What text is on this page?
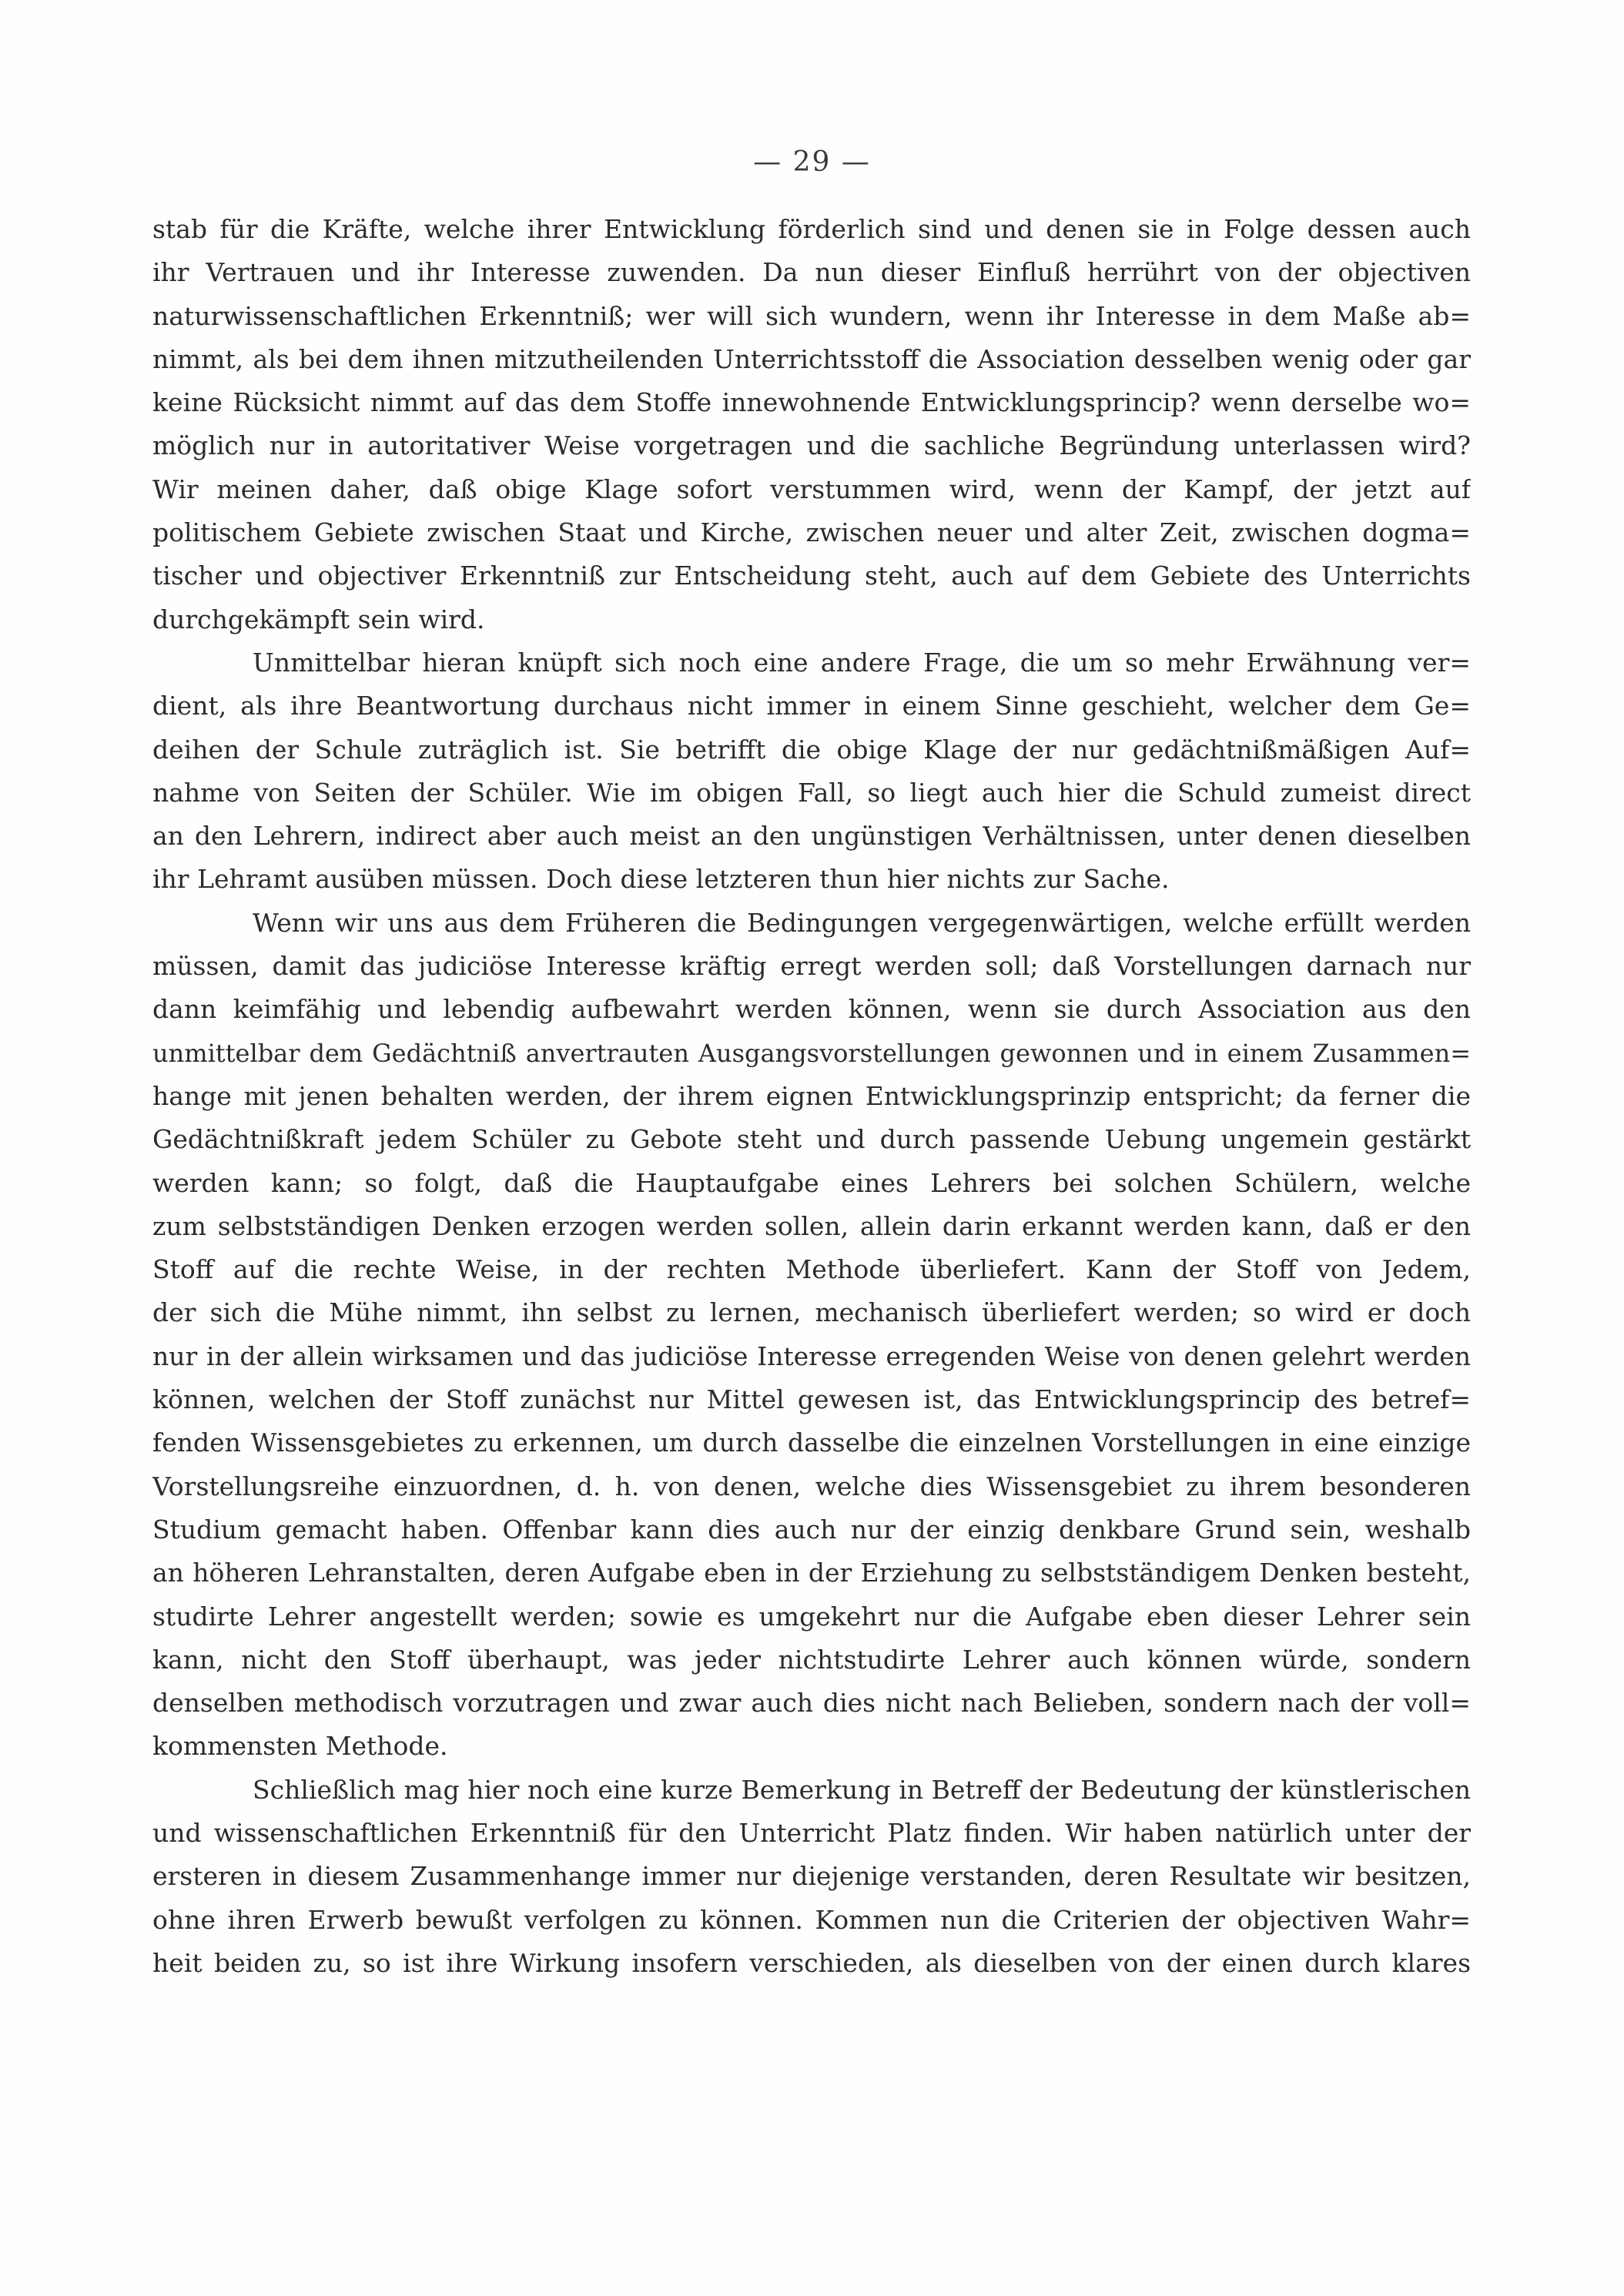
— 29 —
stab für die Kräfte, welche ihrer Entwicklung förderlich sind und denen sie in Folge dessen auch
ihr Vertrauen und ihr Interesse zuwenden. Da nun dieser Einfluß herrührt von der objectiven
naturwissenschaftlichen Erkenntniß; wer will sich wundern, wenn ihr Interesse in dem Maße ab=
nimmt, als bei dem ihnen mitzutheilenden Unterrichtsstoff die Association desselben wenig oder gar
keine Rücksicht nimmt auf das dem Stoffe innewohnende Entwicklungsprincip? wenn derselbe wo=
möglich nur in autoritativer Weise vorgetragen und die sachliche Begründung unterlassen wird?
Wir meinen daher, daß obige Klage sofort verstummen wird, wenn der Kampf, der jetzt auf
politischem Gebiete zwischen Staat und Kirche, zwischen neuer und alter Zeit, zwischen dogma=
tischer und objectiver Erkenntniß zur Entscheidung steht, auch auf dem Gebiete des Unterrichts
durchgekämpft sein wird.
Unmittelbar hieran knüpft sich noch eine andere Frage, die um so mehr Erwähnung ver=
dient, als ihre Beantwortung durchaus nicht immer in einem Sinne geschieht, welcher dem Ge=
deihen der Schule zuträglich ist. Sie betrifft die obige Klage der nur gedächtnißmäßigen Auf=
nahme von Seiten der Schüler. Wie im obigen Fall, so liegt auch hier die Schuld zumeist direct
an den Lehrern, indirect aber auch meist an den ungünstigen Verhältnissen, unter denen dieselben
ihr Lehramt ausüben müssen. Doch diese letzteren thun hier nichts zur Sache.
Wenn wir uns aus dem Früheren die Bedingungen vergegenwärtigen, welche erfüllt werden
müssen, damit das judiciöse Interesse kräftig erregt werden soll; daß Vorstellungen darnach nur
dann keimfähig und lebendig aufbewahrt werden können, wenn sie durch Association aus den
unmittelbar dem Gedächtniß anvertrauten Ausgangsvorstellungen gewonnen und in einem Zusammen=
hange mit jenen behalten werden, der ihrem eignen Entwicklungsprinzip entspricht; da ferner die
Gedächtnißkraft jedem Schüler zu Gebote steht und durch passende Uebung ungemein gestärkt
werden kann; so folgt, daß die Hauptaufgabe eines Lehrers bei solchen Schülern, welche
zum selbstständigen Denken erzogen werden sollen, allein darin erkannt werden kann, daß er den
Stoff auf die rechte Weise, in der rechten Methode überliefert. Kann der Stoff von Jedem,
der sich die Mühe nimmt, ihn selbst zu lernen, mechanisch überliefert werden; so wird er doch
nur in der allein wirksamen und das judiciöse Interesse erregenden Weise von denen gelehrt werden
können, welchen der Stoff zunächst nur Mittel gewesen ist, das Entwicklungsprincip des betref=
fenden Wissensgebietes zu erkennen, um durch dasselbe die einzelnen Vorstellungen in eine einzige
Vorstellungsreihe einzuordnen, d. h. von denen, welche dies Wissensgebiet zu ihrem besonderen
Studium gemacht haben. Offenbar kann dies auch nur der einzig denkbare Grund sein, weshalb
an höheren Lehranstalten, deren Aufgabe eben in der Erziehung zu selbstständigem Denken besteht,
studirte Lehrer angestellt werden; sowie es umgekehrt nur die Aufgabe eben dieser Lehrer sein
kann, nicht den Stoff überhaupt, was jeder nichtstudirte Lehrer auch können würde, sondern
denselben methodisch vorzutragen und zwar auch dies nicht nach Belieben, sondern nach der voll=
kommensten Methode.
Schließlich mag hier noch eine kurze Bemerkung in Betreff der Bedeutung der künstlerischen
und wissenschaftlichen Erkenntniß für den Unterricht Platz finden. Wir haben natürlich unter der
ersteren in diesem Zusammenhange immer nur diejenige verstanden, deren Resultate wir besitzen,
ohne ihren Erwerb bewußt verfolgen zu können. Kommen nun die Criterien der objectiven Wahr=
heit beiden zu, so ist ihre Wirkung insofern verschieden, als dieselben von der einen durch klares
